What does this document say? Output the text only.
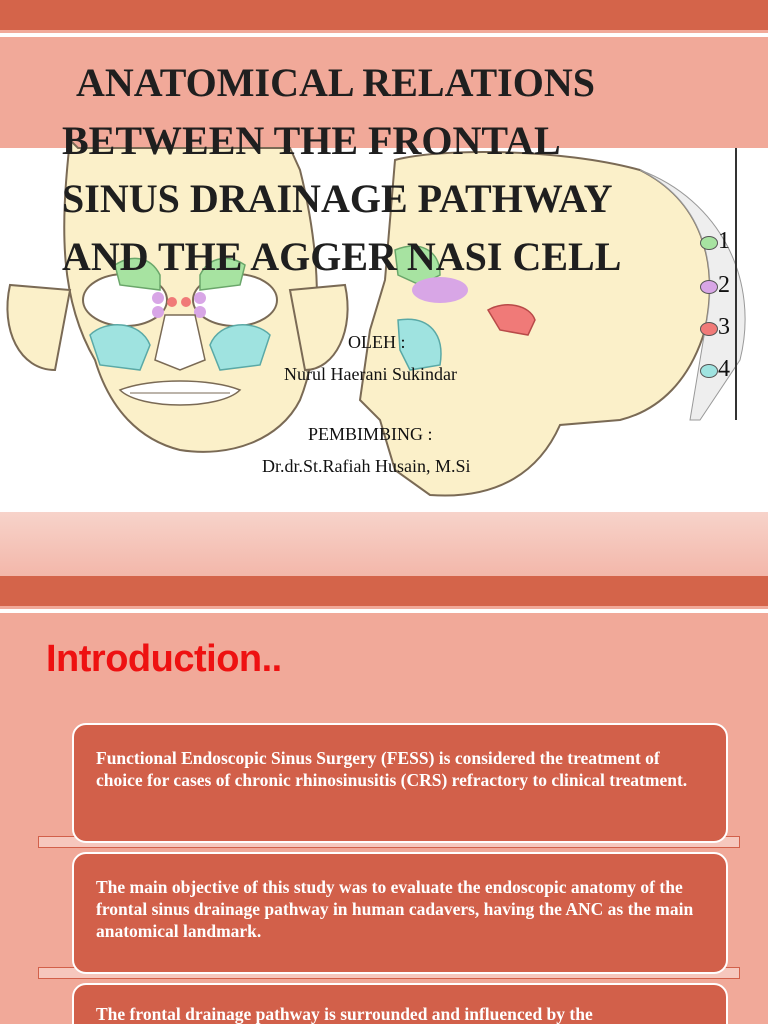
ANATOMICAL RELATIONS
BETWEEN THE FRONTAL
SINUS DRAINAGE PATHWAY
AND THE AGGER NASI CELL
OLEH :
Nurul Haerani Sukindar
PEMBIMBING :
Dr.dr.St.Rafiah Husain, M.Si
1
2
3
4
Introduction..
Functional Endoscopic Sinus Surgery (FESS) is considered the treatment of choice for cases of chronic rhinosinusitis (CRS) refractory to clinical treatment.
The main objective of this study was to evaluate the endoscopic anatomy of the frontal sinus drainage pathway in human cadavers, having the ANC as the main anatomical landmark.
The frontal drainage pathway is surrounded and influenced by the
